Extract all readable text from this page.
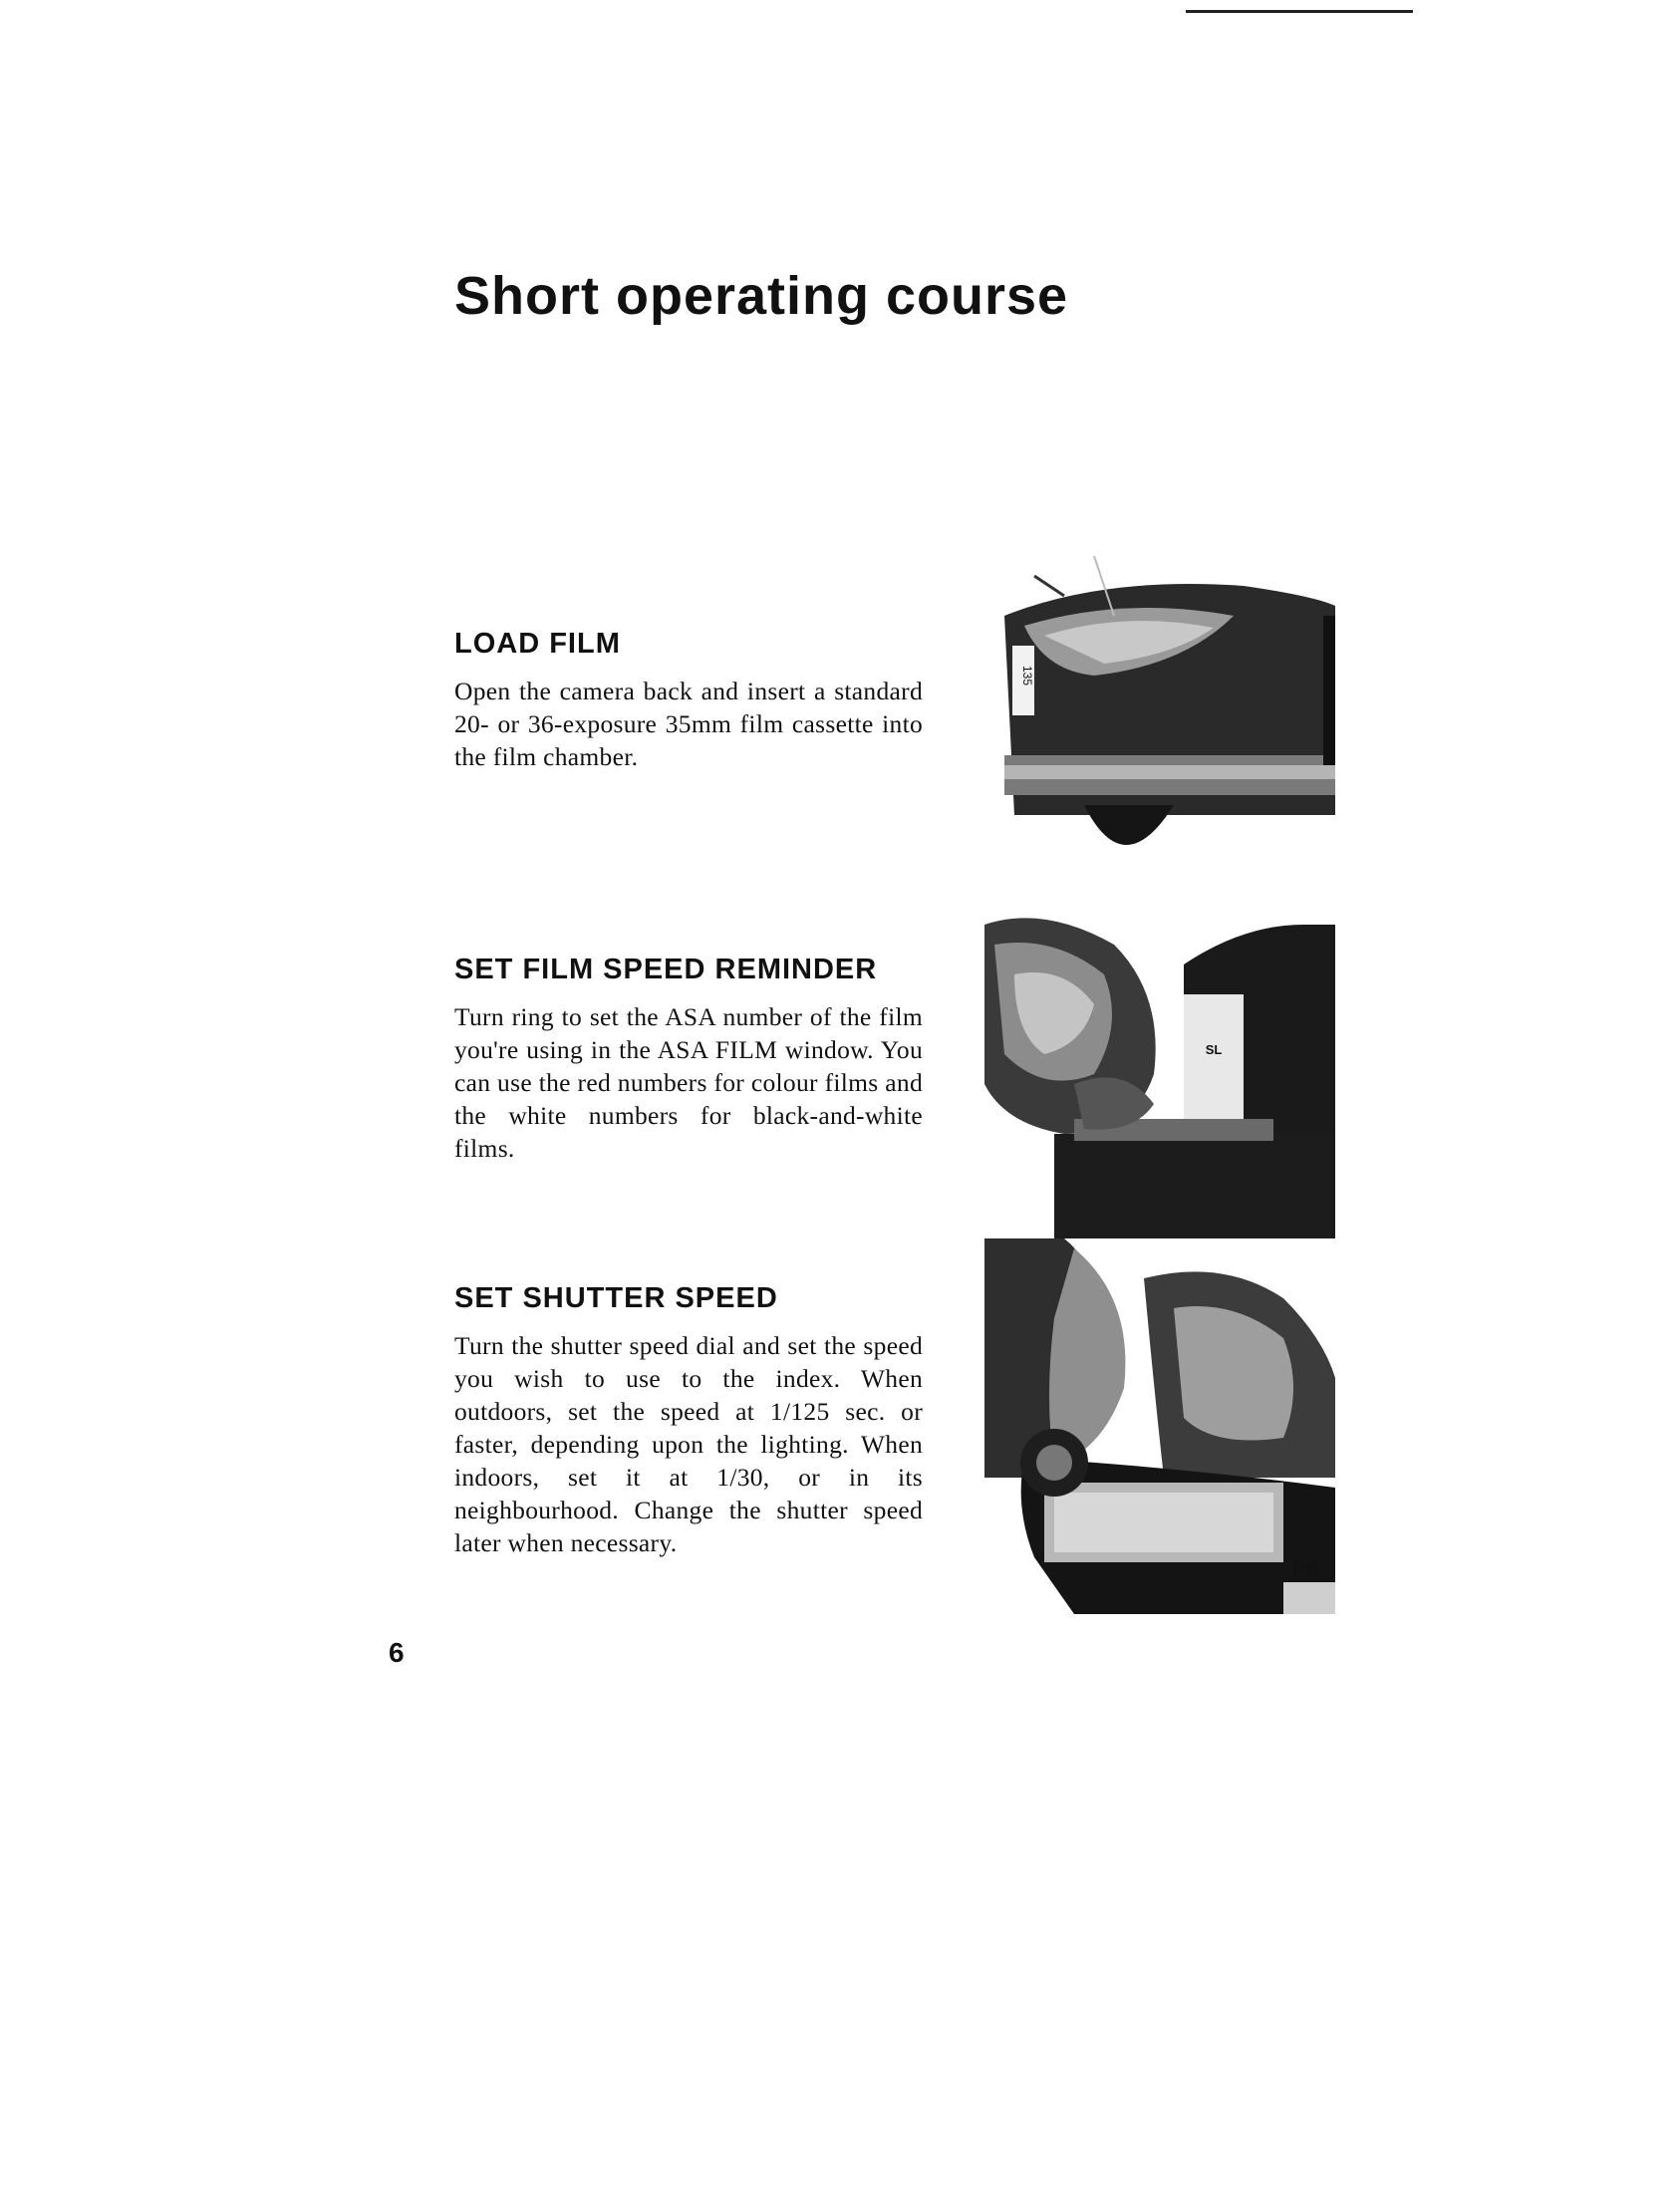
Short operating course
LOAD FILM

Open the camera back and insert a standard 20- or 36-exposure 35mm film cassette into the film chamber.

SET FILM SPEED REMINDER

Turn ring to set the ASA number of the film you're using in the ASA FILM window. You can use the red numbers for colour films and the white numbers for black-and-white films.

SET SHUTTER SPEED

Turn the shutter speed dial and set the speed you wish to use to the index. When outdoors, set the speed at 1/125 sec. or faster, depending upon the lighting. When indoors, set it at 1/30, or in its neighbourhood. Change the shutter speed later when necessary.

135
SL
PE
6
